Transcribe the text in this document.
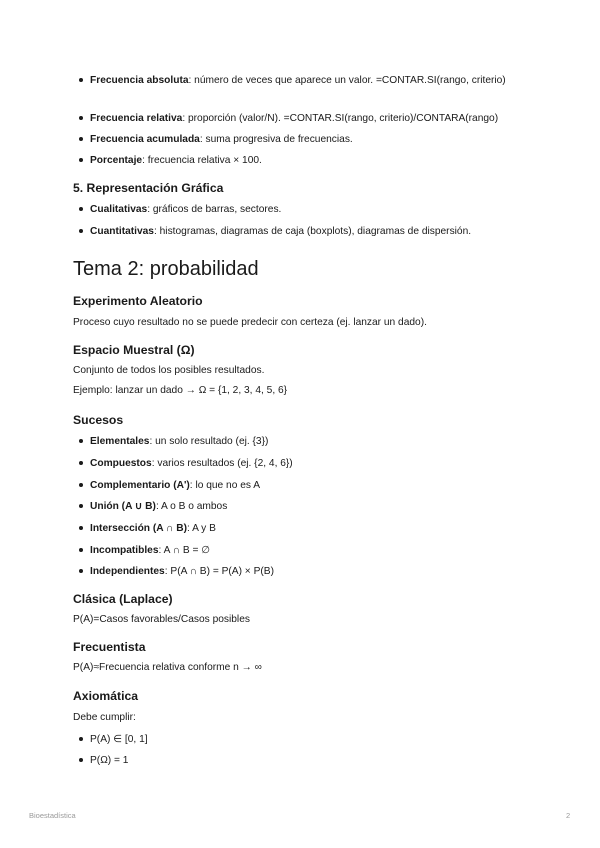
Frecuencia absoluta: número de veces que aparece un valor. =CONTAR.SI(rango, criterio)
Frecuencia relativa: proporción (valor/N). =CONTAR.SI(rango, criterio)/CONTARA(rango)
Frecuencia acumulada: suma progresiva de frecuencias.
Porcentaje: frecuencia relativa × 100.
5. Representación Gráfica
Cualitativas: gráficos de barras, sectores.
Cuantitativas: histogramas, diagramas de caja (boxplots), diagramas de dispersión.
Tema 2: probabilidad
Experimento Aleatorio
Proceso cuyo resultado no se puede predecir con certeza (ej. lanzar un dado).
Espacio Muestral (Ω)
Conjunto de todos los posibles resultados.
Ejemplo: lanzar un dado → Ω = {1, 2, 3, 4, 5, 6}
Sucesos
Elementales: un solo resultado (ej. {3})
Compuestos: varios resultados (ej. {2, 4, 6})
Complementario (A'): lo que no es A
Unión (A ∪ B): A o B o ambos
Intersección (A ∩ B): A y B
Incompatibles: A ∩ B = ∅
Independientes: P(A ∩ B) = P(A) × P(B)
Clásica (Laplace)
P(A)=Casos favorables/Casos posibles
Frecuentista
P(A)≈Frecuencia relativa conforme n → ∞
Axiomática
Debe cumplir:
P(A) ∈ [0, 1]
P(Ω) = 1
Bioestadística	2
